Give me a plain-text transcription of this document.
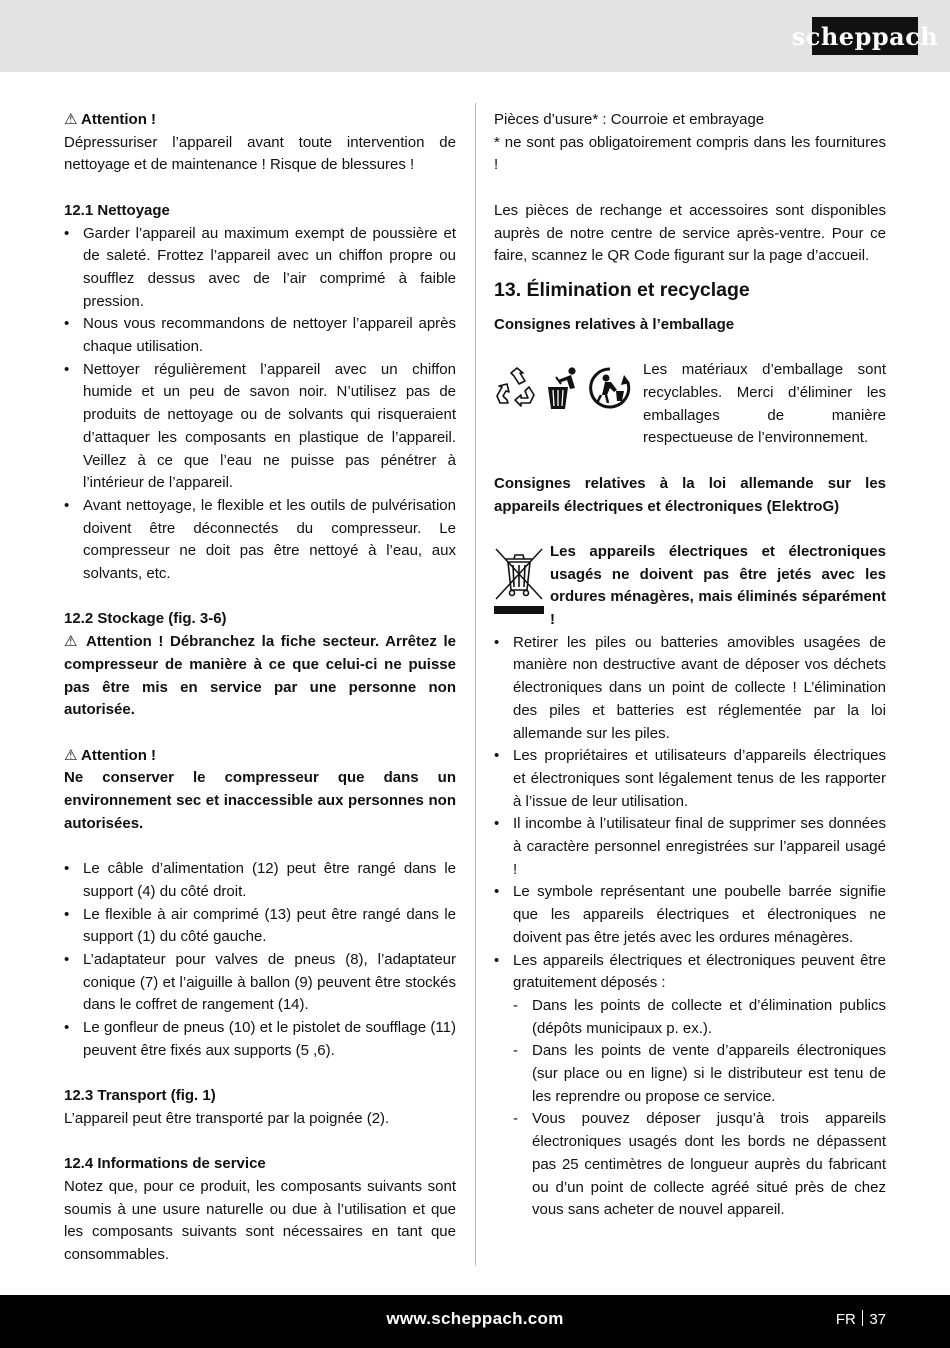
scheppach

⚠ Attention !

Dépressuriser l’appareil avant toute intervention de nettoyage et de maintenance ! Risque de blessures !

12.1 Nettoyage

• Garder l’appareil au maximum exempt de poussière et de saleté. Frottez l’appareil avec un chiffon propre ou soufflez dessus avec de l’air comprimé à faible pression.
• Nous vous recommandons de nettoyer l’appareil après chaque utilisation.
• Nettoyer régulièrement l’appareil avec un chiffon humide et un peu de savon noir. N’utilisez pas de produits de nettoyage ou de solvants qui risqueraient d’attaquer les composants en plastique de l’appareil. Veillez à ce que l’eau ne puisse pas pénétrer à l’intérieur de l’appareil.
• Avant nettoyage, le flexible et les outils de pulvérisation doivent être déconnectés du compresseur. Le compresseur ne doit pas être nettoyé à l’eau, aux solvants, etc.

12.2 Stockage (fig. 3-6)

⚠ Attention ! Débranchez la fiche secteur. Arrêtez le compresseur de manière à ce que celui-ci ne puisse pas être mis en service par une personne non autorisée.

⚠ Attention !

Ne conserver le compresseur que dans un environnement sec et inaccessible aux personnes non autorisées.

• Le câble d’alimentation (12) peut être rangé dans le support (4) du côté droit.
• Le flexible à air comprimé (13) peut être rangé dans le support (1) du côté gauche.
• L’adaptateur pour valves de pneus (8), l’adaptateur conique (7) et l’aiguille à ballon (9) peuvent être stockés dans le coffret de rangement (14).
• Le gonfleur de pneus (10) et le pistolet de soufflage (11) peuvent être fixés aux supports (5 ,6).

12.3 Transport (fig. 1)

L’appareil peut être transporté par la poignée (2).

12.4 Informations de service

Notez que, pour ce produit, les composants suivants sont soumis à une usure naturelle ou due à l’utilisation et que les composants suivants sont nécessaires en tant que consommables.

Pièces d’usure* : Courroie et embrayage

* ne sont pas obligatoirement compris dans les fournitures !

Les pièces de rechange et accessoires sont disponibles auprès de notre centre de service après-ventre. Pour ce faire, scannez le QR Code figurant sur la page d’accueil.

13. Élimination et recyclage

Consignes relatives à l’emballage

Les matériaux d’emballage sont recyclables. Merci d’éliminer les emballages de manière respectueuse de l’environnement.

Consignes relatives à la loi allemande sur les appareils électriques et électroniques (ElektroG)

Les appareils électriques et électroniques usagés ne doivent pas être jetés avec les ordures ménagères, mais éliminés séparément !

• Retirer les piles ou batteries amovibles usagées de manière non destructive avant de déposer vos déchets électroniques dans un point de collecte ! L’élimination des piles et batteries est réglementée par la loi allemande sur les piles.
• Les propriétaires et utilisateurs d’appareils électriques et électroniques sont légalement tenus de les rapporter à l’issue de leur utilisation.
• Il incombe à l’utilisateur final de supprimer ses données à caractère personnel enregistrées sur l’appareil usagé !
• Le symbole représentant une poubelle barrée signifie que les appareils électriques et électroniques ne doivent pas être jetés avec les ordures ménagères.
• Les appareils électriques et électroniques peuvent être gratuitement déposés :
- Dans les points de collecte et d’élimination publics (dépôts municipaux p. ex.).
- Dans les points de vente d’appareils électroniques (sur place ou en ligne) si le distributeur est tenu de les reprendre ou propose ce service.
- Vous pouvez déposer jusqu’à trois appareils électroniques usagés dont les bords ne dépassent pas 25 centimètres de longueur auprès du fabricant ou d’un point de collecte agréé situé près de chez vous sans acheter de nouvel appareil.
www.scheppach.com	FR 37
